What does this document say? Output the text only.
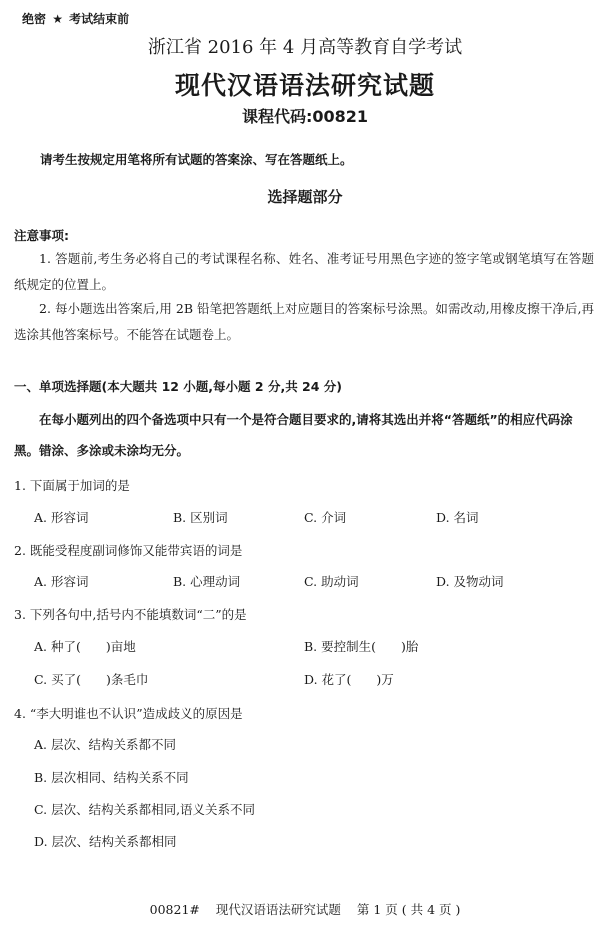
绝密 ★ 考试结束前
浙江省 2016 年 4 月高等教育自学考试
现代汉语语法研究试题
课程代码:00821
请考生按规定用笔将所有试题的答案涂、写在答题纸上。
选择题部分
注意事项:
1. 答题前,考生务必将自己的考试课程名称、姓名、准考证号用黑色字迹的签字笔或钢笔填写在答题纸规定的位置上。
2. 每小题选出答案后,用 2B 铅笔把答题纸上对应题目的答案标号涂黑。如需改动,用橡皮擦干净后,再选涂其他答案标号。不能答在试题卷上。
一、单项选择题(本大题共 12 小题,每小题 2 分,共 24 分)
在每小题列出的四个备选项中只有一个是符合题目要求的,请将其选出并将“答题纸”的相应代码涂黑。错涂、多涂或未涂均无分。
1. 下面属于加词的是
A. 形容词	B. 区别词	C. 介词	D. 名词
2. 既能受程度副词修饰又能带宾语的词是
A. 形容词	B. 心理动词	C. 助动词	D. 及物动词
3. 下列各句中,括号内不能填数词“二”的是
A. 种了(　　)亩地	B. 要控制生(　　)胎
C. 买了(　　)条毛巾	D. 花了(　　)万
4. “李大明谁也不认识”造成歧义的原因是
A. 层次、结构关系都不同
B. 层次相同、结构关系不同
C. 层次、结构关系都相同,语义关系不同
D. 层次、结构关系都相同
00821# 现代汉语语法研究试题 第 1 页 ( 共 4 页 )
